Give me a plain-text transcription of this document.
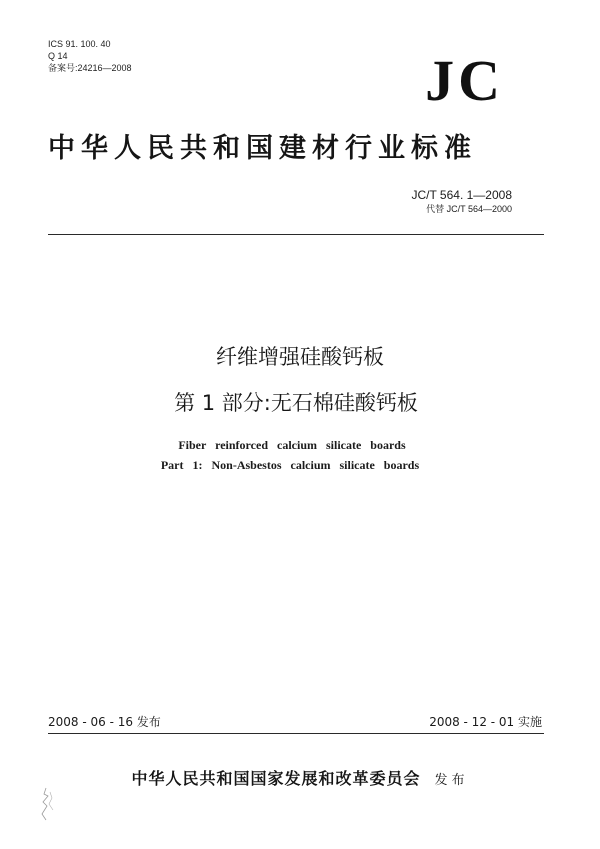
ICS 91. 100. 40
Q 14
备案号:24216—2008	JC
中华人民共和国建材行业标准
JC/T 564. 1—2008
代替 JC/T 564—2000
纤维增强硅酸钙板
第 1 部分:无石棉硅酸钙板
Fiber reinforced calcium silicate boards
Part 1: Non-Asbestos calcium silicate boards
2008 - 06 - 16 发布	2008 - 12 - 01 实施
中华人民共和国国家发展和改革委员会 发布
